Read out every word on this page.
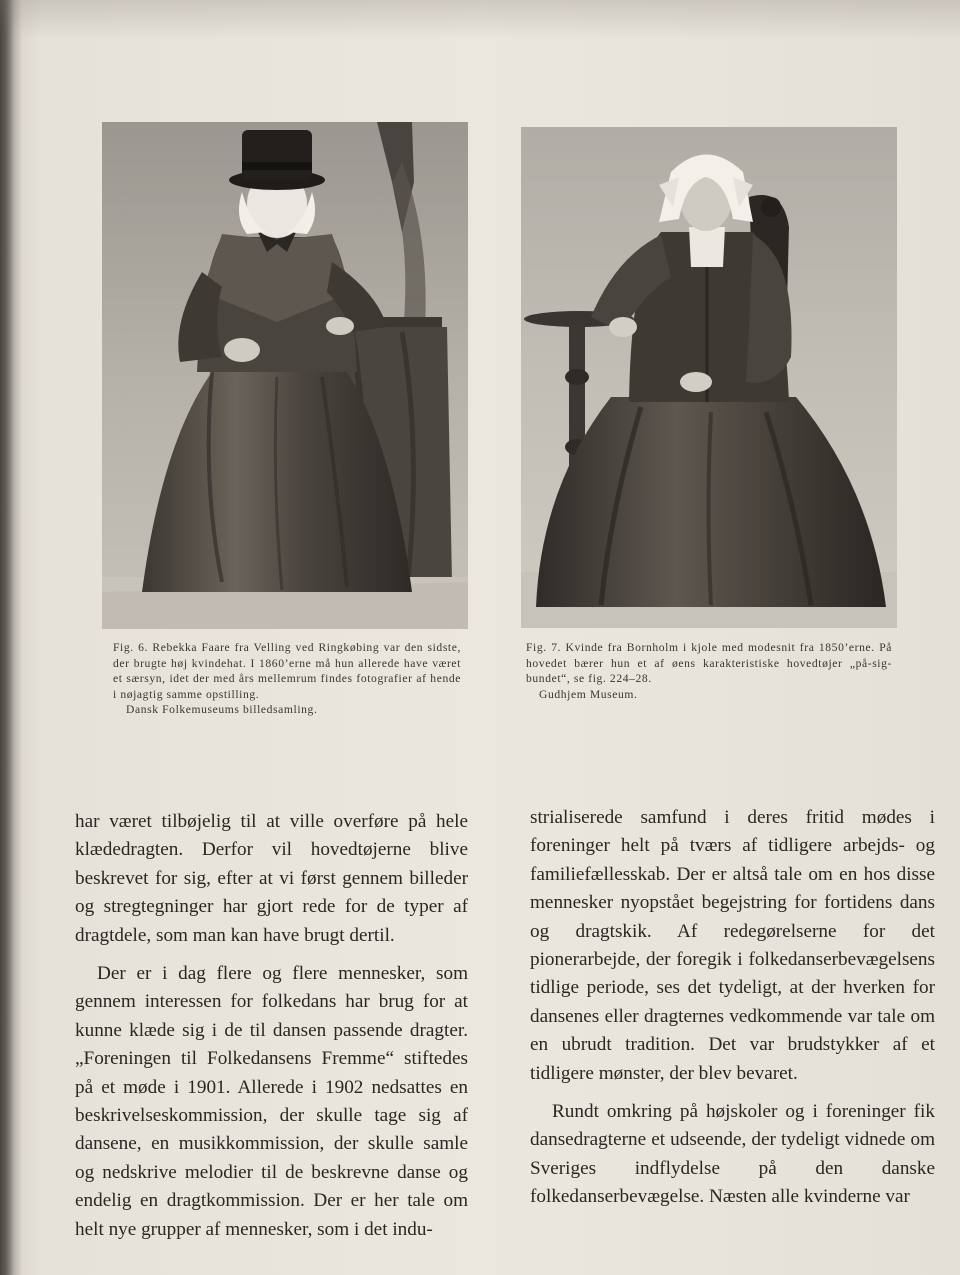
Fig. 6. Rebekka Faare fra Velling ved Ringkøbing var den sidste, der brugte høj kvindehat. I 1860’erne må hun allerede have været et særsyn, idet der med års mellemrum findes fotografier af hende i nøjagtig samme opstilling.

Dansk Folkemuseums billedsamling.

Fig. 7. Kvinde fra Bornholm i kjole med modesnit fra 1850’erne. På hovedet bærer hun et af øens karakteristiske hovedtøjer „på-sig-bundet“, se fig. 224–28.

Gudhjem Museum.

har været tilbøjelig til at ville overføre på hele klædedragten. Derfor vil hovedtøjerne blive beskrevet for sig, efter at vi først gennem billeder og stregtegninger har gjort rede for de typer af dragtdele, som man kan have brugt dertil.

Der er i dag flere og flere mennesker, som gennem interessen for folkedans har brug for at kunne klæde sig i de til dansen passende dragter. „Foreningen til Folkedansens Fremme“ stiftedes på et møde i 1901. Allerede i 1902 nedsattes en beskrivelseskommission, der skulle tage sig af dansene, en musikkommission, der skulle samle og nedskrive melodier til de beskrevne danse og endelig en dragtkommission. Der er her tale om helt nye grupper af mennesker, som i det indu-

strialiserede samfund i deres fritid mødes i foreninger helt på tværs af tidligere arbejds- og familiefællesskab. Der er altså tale om en hos disse mennesker nyopstået begejstring for fortidens dans og dragtskik. Af redegørelserne for det pionerarbejde, der foregik i folkedanserbevægelsens tidlige periode, ses det tydeligt, at der hverken for dansenes eller dragternes vedkommende var tale om en ubrudt tradition. Det var brudstykker af et tidligere mønster, der blev bevaret.

Rundt omkring på højskoler og i foreninger fik dansedragterne et udseende, der tydeligt vidnede om Sveriges indflydelse på den danske folkedanserbevægelse. Næsten alle kvinderne var
